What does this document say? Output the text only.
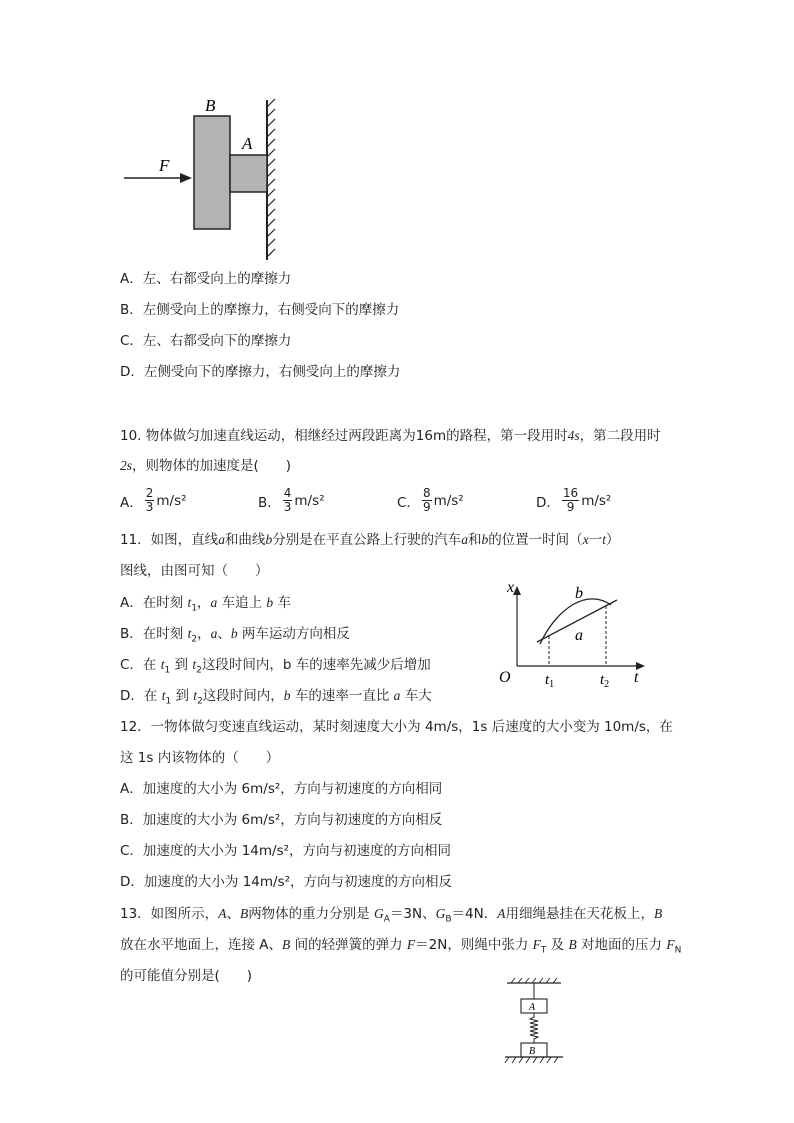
B
A
F
A．左、右都受向上的摩擦力
B．左侧受向上的摩擦力，右侧受向下的摩擦力
C．左、右都受向下的摩擦力
D．左侧受向下的摩擦力，右侧受向上的摩擦力
10. 物体做匀加速直线运动，相继经过两段距离为16m的路程，第一段用时4s，第二段用时
2s，则物体的加速度是(　　)
A． $\frac{2}{3} m/s^2$	B． $\frac{4}{3} m/s^2$	C． $\frac{8}{9} m/s^2$	D． $\frac{16}{9} m/s^2$
11．如图，直线a和曲线b分别是在平直公路上行驶的汽车a和b的位置一时间（x一t）
图线，由图可知（　　）
A．在时刻 $t_1$，a 车追上 b 车
B．在时刻 $t_2$，a、b 两车运动方向相反
C．在 $t_1$ 到 $t_2$这段时间内，b 车的速率先减少后增加
D．在 $t_1$ 到 $t_2$这段时间内，b 车的速率一直比 a 车大
x	b
a
O $t_1$	$t_2$ t
12．一物体做匀变速直线运动，某时刻速度大小为 4m/s，1s 后速度的大小变为 10m/s，在
这 1s 内该物体的（　　）
A．加速度的大小为 6m/s²，方向与初速度的方向相同
B．加速度的大小为 6m/s²，方向与初速度的方向相反
C．加速度的大小为 14m/s²，方向与初速度的方向相同
D．加速度的大小为 14m/s²，方向与初速度的方向相反
13．如图所示，A、B两物体的重力分别是 $G_A=3N$、$G_B=4N$．A用细绳悬挂在天花板上，B
放在水平地面上，连接 A、B 间的轻弹簧的弹力 F＝2N，则绳中张力 $F_T$ 及 B 对地面的压力 $F_N$
的可能值分别是(　　)
A
B
